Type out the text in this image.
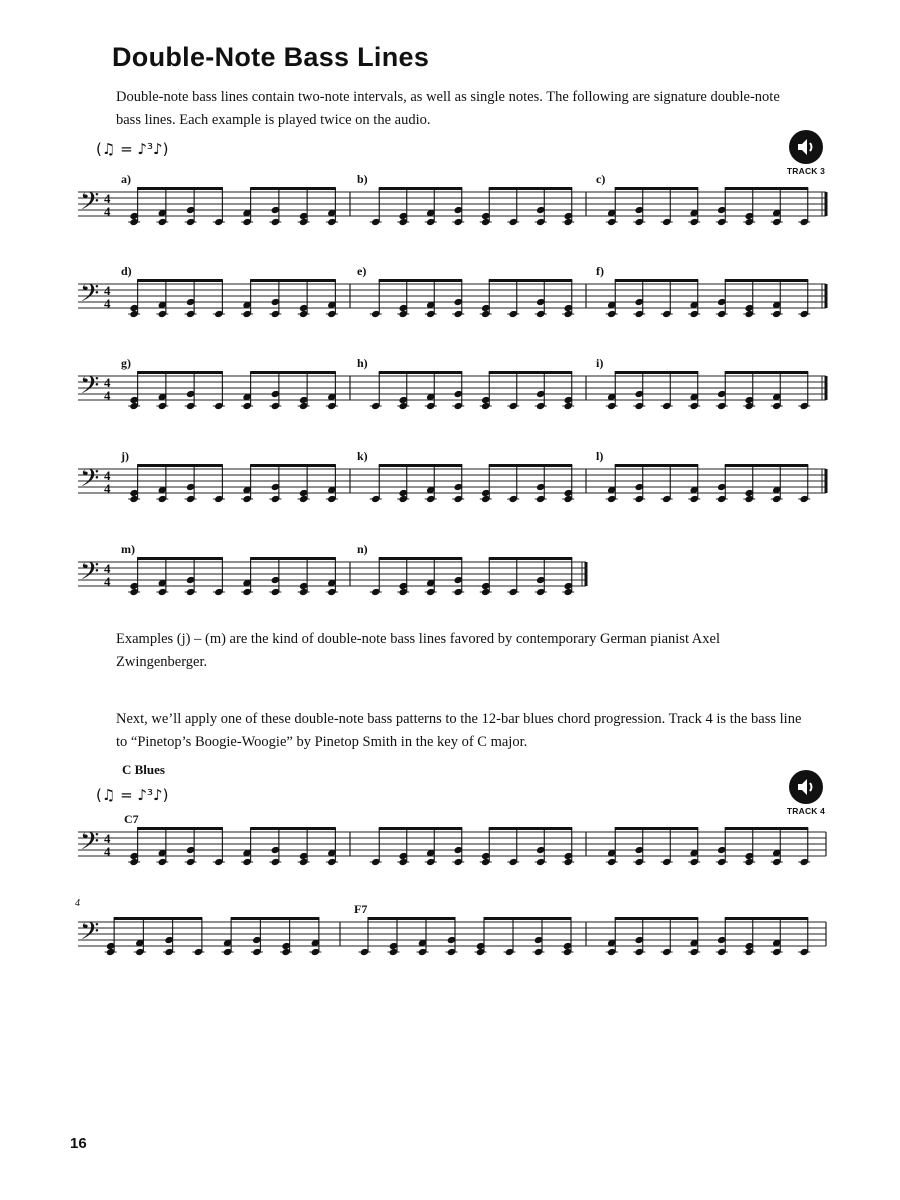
Double-Note Bass Lines

Double-note bass lines contain two-note intervals, as well as single notes. The following are signature double-note bass lines. Each example is played twice on the audio.

(♫ = ♪³♪)
TRACK 3
a)	b)	c)
d)	e)	f)
g)	h)	i)
j)	k)	l)
m)	n)
𝄢 4
4
𝄢 4
4
𝄢 4
4
𝄢 4
4
𝄢 4
4

Examples (j) – (m) are the kind of double-note bass lines favored by contemporary German pianist Axel Zwingenberger.

Next, we’ll apply one of these double-note bass patterns to the 12-bar blues chord progression. Track 4 is the bass line to “Pinetop’s Boogie-Woogie” by Pinetop Smith in the key of C major.

C Blues
(♫ = ♪³♪)
TRACK 4
C7
𝄢 4
4
4	F7
𝄢
16
